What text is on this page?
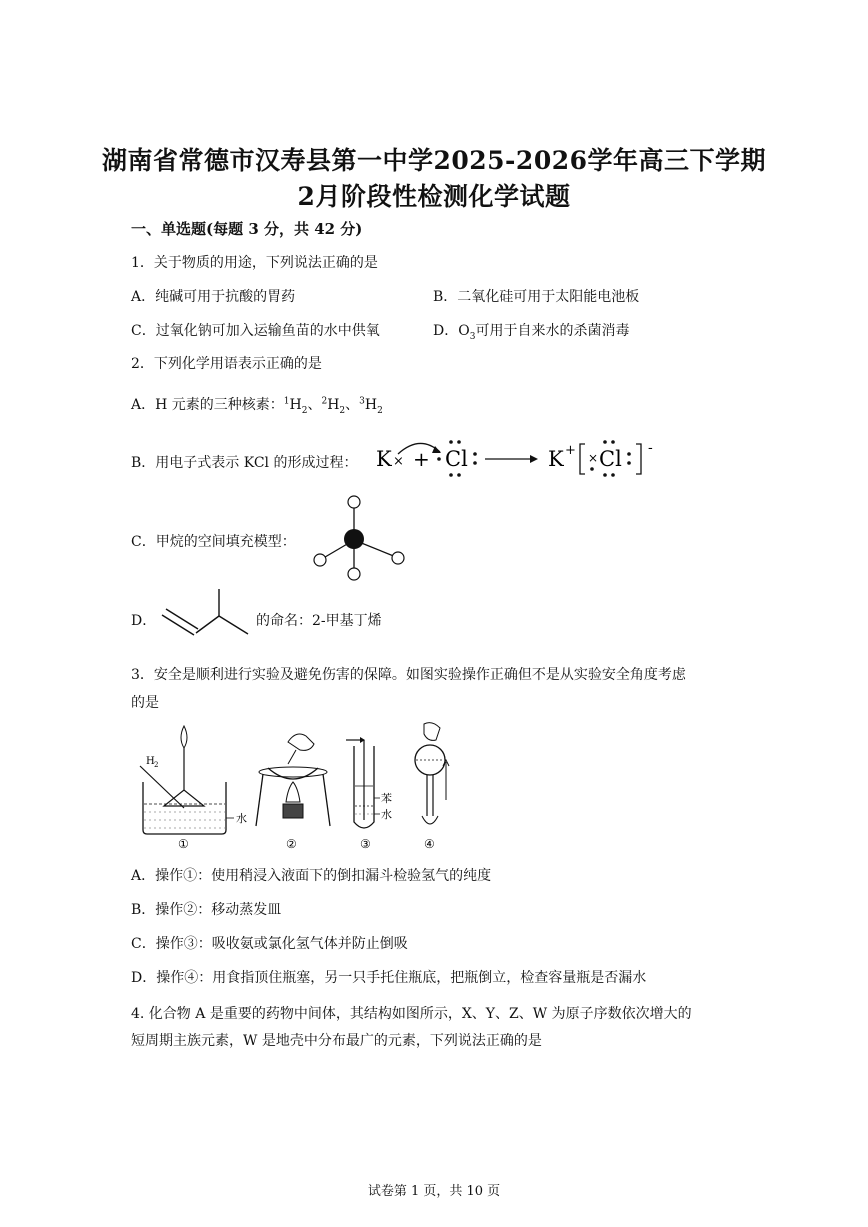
湖南省常德市汉寿县第一中学2025-2026学年高三下学期
2月阶段性检测化学试题
一、单选题(每题 3 分，共 42 分)
1．关于物质的用途，下列说法正确的是
A．纯碱可用于抗酸的胃药	B．二氧化硅可用于太阳能电池板
C．过氧化钠可加入运输鱼苗的水中供氧	D．$O_3$可用于自来水的杀菌消毒
2．下列化学用语表示正确的是
A．H 元素的三种核素：$^1H_2$、$^2H_2$、$^3H_2$
B．用电子式表示 KCl 的形成过程： K × + Cl	K + × Cl -
C．甲烷的空间填充模型：
D．	的命名：2-甲基丁烯
3．安全是顺利进行实验及避免伤害的保障。如图实验操作正确但不是从实验安全角度考虑
的是
H 2
水
①	②
苯
水
③	④
A．操作①：使用稍浸入液面下的倒扣漏斗检验氢气的纯度
B．操作②：移动蒸发皿
C．操作③：吸收氨或氯化氢气体并防止倒吸
D．操作④：用食指顶住瓶塞，另一只手托住瓶底，把瓶倒立，检查容量瓶是否漏水
4. 化合物 A 是重要的药物中间体，其结构如图所示，X、Y、Z、W 为原子序数依次增大的
短周期主族元素，W 是地壳中分布最广的元素，下列说法正确的是
试卷第 1 页，共 10 页
